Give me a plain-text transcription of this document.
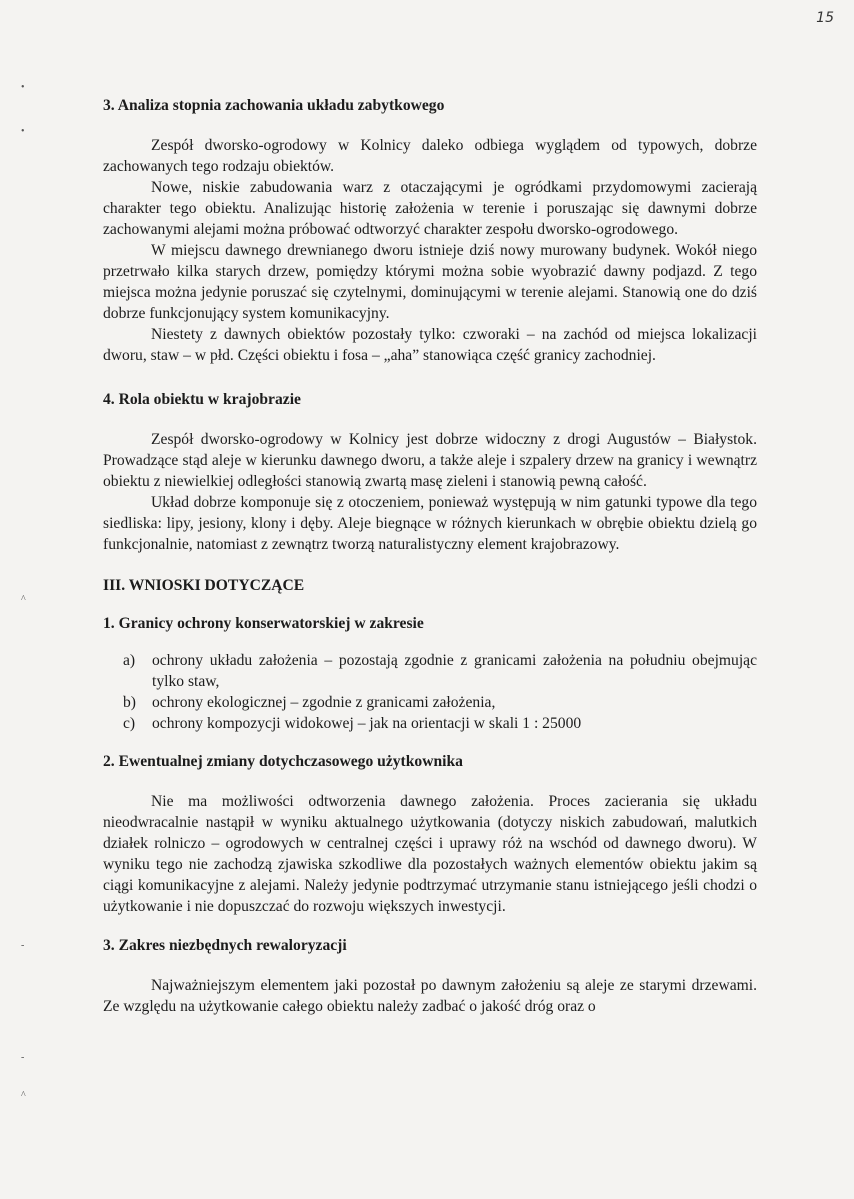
15
•
•
^
^
-
-
3. Analiza stopnia zachowania układu zabytkowego

Zespół dworsko-ogrodowy w Kolnicy daleko odbiega wyglądem od typowych, dobrze zachowanych tego rodzaju obiektów.

Nowe, niskie zabudowania warz z otaczającymi je ogródkami przydomowymi zacierają charakter tego obiektu. Analizując historię założenia w terenie i poruszając się dawnymi dobrze zachowanymi alejami można próbować odtworzyć charakter zespołu dworsko-ogrodowego.

W miejscu dawnego drewnianego dworu istnieje dziś nowy murowany budynek. Wokół niego przetrwało kilka starych drzew, pomiędzy którymi można sobie wyobrazić dawny podjazd. Z tego miejsca można jedynie poruszać się czytelnymi, dominującymi w terenie alejami. Stanowią one do dziś dobrze funkcjonujący system komunikacyjny.

Niestety z dawnych obiektów pozostały tylko: czworaki – na zachód od miejsca lokalizacji dworu, staw – w płd. Części obiektu i fosa – „aha” stanowiąca część granicy zachodniej.

4. Rola obiektu w krajobrazie

Zespół dworsko-ogrodowy w Kolnicy jest dobrze widoczny z drogi Augustów – Białystok. Prowadzące stąd aleje w kierunku dawnego dworu, a także aleje i szpalery drzew na granicy i wewnątrz obiektu z niewielkiej odległości stanowią zwartą masę zieleni i stanowią pewną całość.

Układ dobrze komponuje się z otoczeniem, ponieważ występują w nim gatunki typowe dla tego siedliska: lipy, jesiony, klony i dęby. Aleje biegnące w różnych kierunkach w obrębie obiektu dzielą go funkcjonalnie, natomiast z zewnątrz tworzą naturalistyczny element krajobrazowy.

III. WNIOSKI DOTYCZĄCE
1. Granicy ochrony konserwatorskiej w zakresie
a) ochrony układu założenia – pozostają zgodnie z granicami założenia na południu obejmując tylko staw,
b) ochrony ekologicznej – zgodnie z granicami założenia,
c) ochrony kompozycji widokowej – jak na orientacji w skali 1 : 25000
2. Ewentualnej zmiany dotychczasowego użytkownika

Nie ma możliwości odtworzenia dawnego założenia. Proces zacierania się układu nieodwracalnie nastąpił w wyniku aktualnego użytkowania (dotyczy niskich zabudowań, malutkich działek rolniczo – ogrodowych w centralnej części i uprawy róż na wschód od dawnego dworu). W wyniku tego nie zachodzą zjawiska szkodliwe dla pozostałych ważnych elementów obiektu jakim są ciągi komunikacyjne z alejami. Należy jedynie podtrzymać utrzymanie stanu istniejącego jeśli chodzi o użytkowanie i nie dopuszczać do rozwoju większych inwestycji.

3. Zakres niezbędnych rewaloryzacji

Najważniejszym elementem jaki pozostał po dawnym założeniu są aleje ze starymi drzewami. Ze względu na użytkowanie całego obiektu należy zadbać o jakość dróg oraz o
